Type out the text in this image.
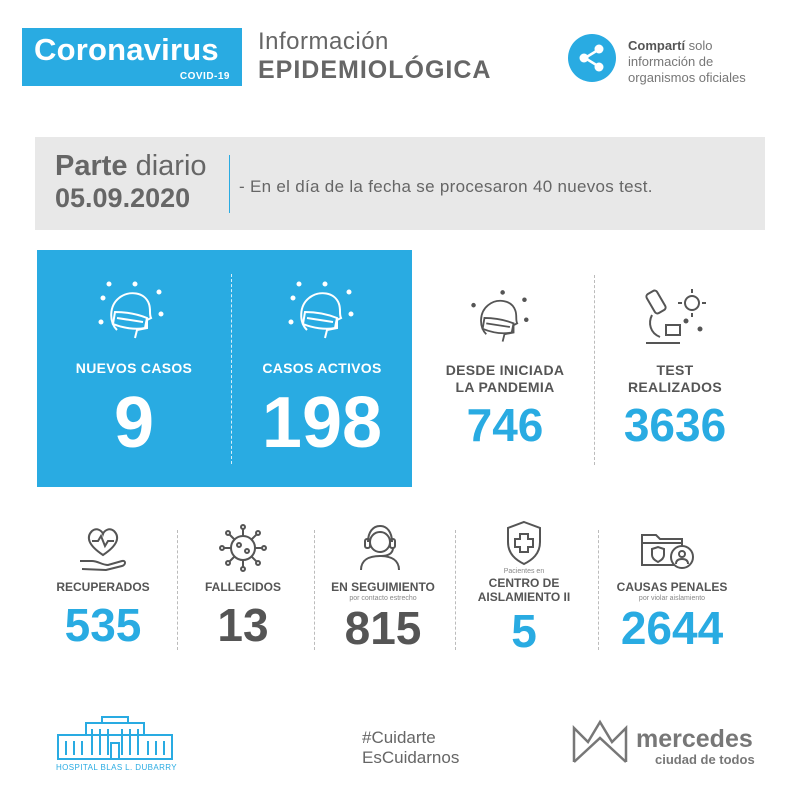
Coronavirus
COVID-19
Información
EPIDEMIOLÓGICA
Compartí solo
información de
organismos oficiales
Parte diario
05.09.2020	- En el día de la fecha se procesaron 40 nuevos test.
NUEVOS CASOS
9
CASOS ACTIVOS
198
DESDE INICIADA
LA PANDEMIA
746
TEST
REALIZADOS
3636
RECUPERADOS
535
FALLECIDOS
13
EN SEGUIMIENTO
por contacto estrecho
815
Pacientes en
CENTRO DE
AISLAMIENTO II
5
CAUSAS PENALES
por violar aislamiento
2644
HOSPITAL BLAS L. DUBARRY
#Cuidarte
EsCuidarnos
mercedes
ciudad de todos
